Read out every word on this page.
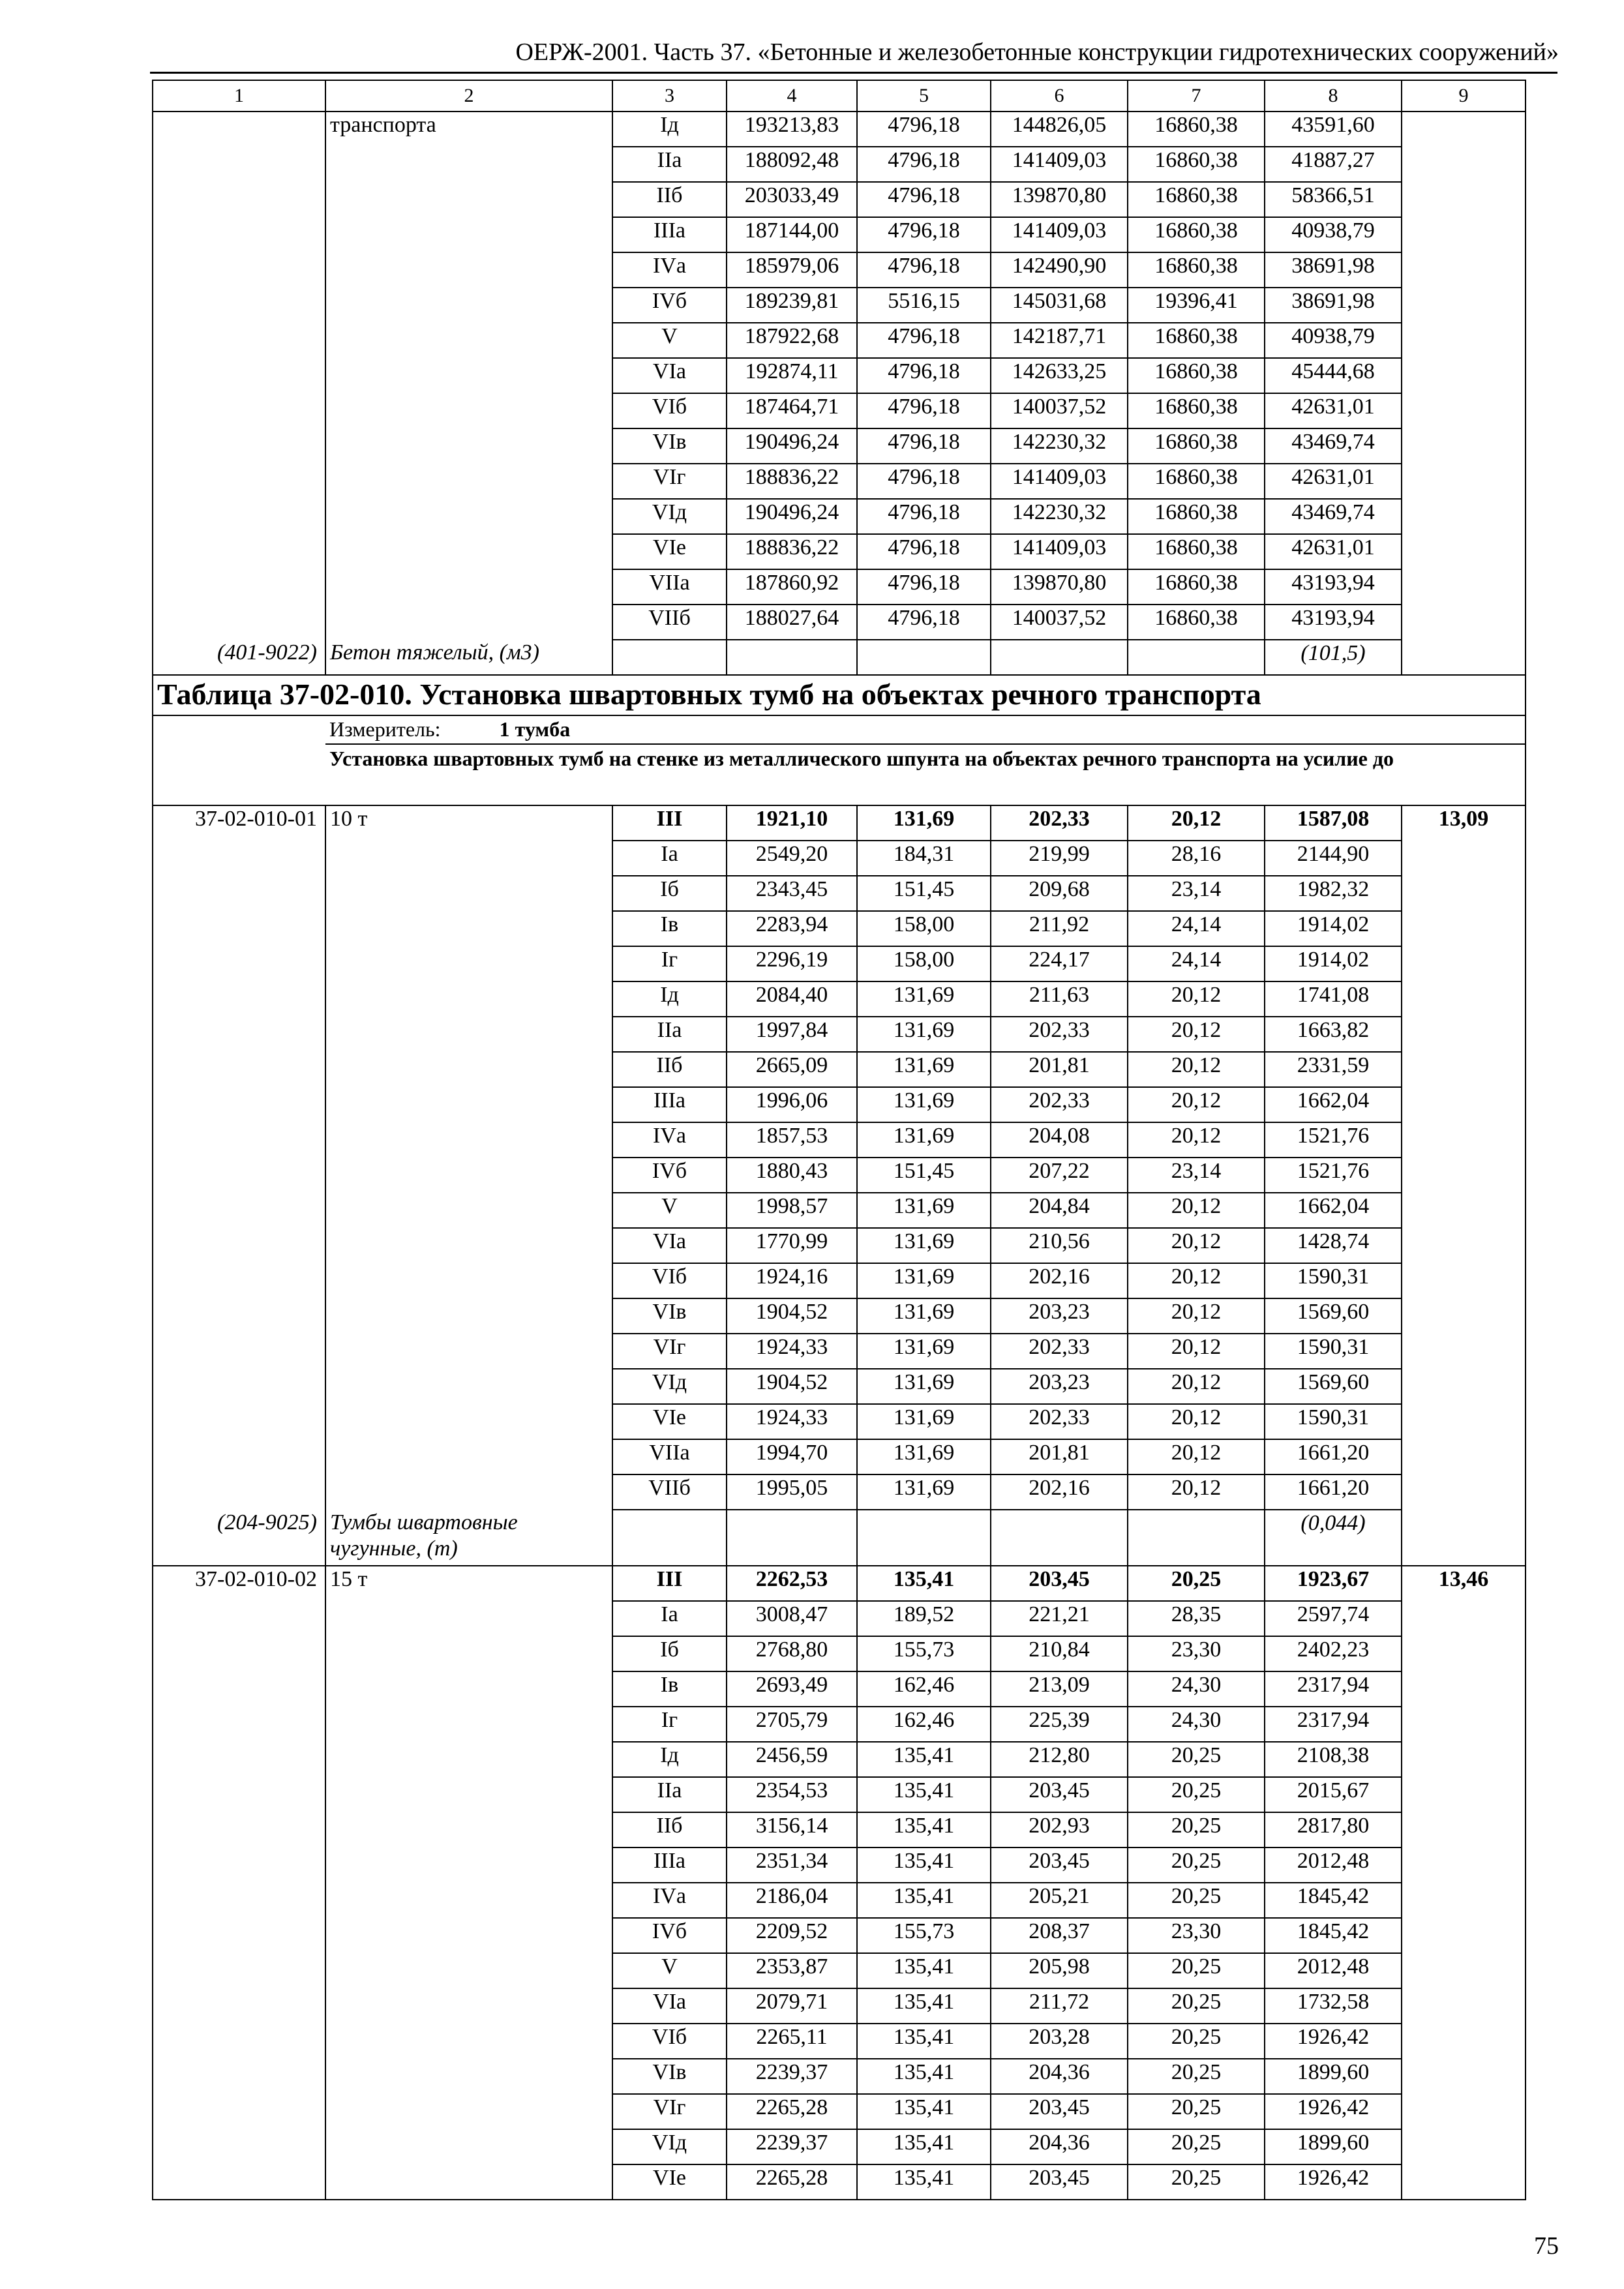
ОЕРЖ-2001. Часть 37. «Бетонные и железобетонные конструкции гидротехнических сооружений»
1	2	3	4	5	6	7	8	9
	транспорта	Iд	193213,83	4796,18	144826,05	16860,38	43591,60	
		IIа	188092,48	4796,18	141409,03	16860,38	41887,27	
		IIб	203033,49	4796,18	139870,80	16860,38	58366,51	
		IIIа	187144,00	4796,18	141409,03	16860,38	40938,79	
		IVа	185979,06	4796,18	142490,90	16860,38	38691,98	
		IVб	189239,81	5516,15	145031,68	19396,41	38691,98	
		V	187922,68	4796,18	142187,71	16860,38	40938,79	
		VIа	192874,11	4796,18	142633,25	16860,38	45444,68	
		VIб	187464,71	4796,18	140037,52	16860,38	42631,01	
		VIв	190496,24	4796,18	142230,32	16860,38	43469,74	
		VIг	188836,22	4796,18	141409,03	16860,38	42631,01	
		VIд	190496,24	4796,18	142230,32	16860,38	43469,74	
		VIе	188836,22	4796,18	141409,03	16860,38	42631,01	
		VIIа	187860,92	4796,18	139870,80	16860,38	43193,94	
		VIIб	188027,64	4796,18	140037,52	16860,38	43193,94	
(401-9022)	Бетон тяжелый, (м3)						(101,5)	
Таблица 37-02-010. Установка швартовных тумб на объектах речного транспорта								
	Измеритель: 1 тумба							
	Установка швартовных тумб на стенке из металлического шпунта на объектах речного транспорта на усилие до							
37-02-010-01	10 т	III	1921,10	131,69	202,33	20,12	1587,08	13,09
		Iа	2549,20	184,31	219,99	28,16	2144,90	
		Iб	2343,45	151,45	209,68	23,14	1982,32	
		Iв	2283,94	158,00	211,92	24,14	1914,02	
		Iг	2296,19	158,00	224,17	24,14	1914,02	
		Iд	2084,40	131,69	211,63	20,12	1741,08	
		IIа	1997,84	131,69	202,33	20,12	1663,82	
		IIб	2665,09	131,69	201,81	20,12	2331,59	
		IIIа	1996,06	131,69	202,33	20,12	1662,04	
		IVа	1857,53	131,69	204,08	20,12	1521,76	
		IVб	1880,43	151,45	207,22	23,14	1521,76	
		V	1998,57	131,69	204,84	20,12	1662,04	
		VIа	1770,99	131,69	210,56	20,12	1428,74	
		VIб	1924,16	131,69	202,16	20,12	1590,31	
		VIв	1904,52	131,69	203,23	20,12	1569,60	
		VIг	1924,33	131,69	202,33	20,12	1590,31	
		VIд	1904,52	131,69	203,23	20,12	1569,60	
		VIе	1924,33	131,69	202,33	20,12	1590,31	
		VIIа	1994,70	131,69	201,81	20,12	1661,20	
		VIIб	1995,05	131,69	202,16	20,12	1661,20	
(204-9025)	Тумбы швартовные чугунные, (т)						(0,044)	
37-02-010-02	15 т	III	2262,53	135,41	203,45	20,25	1923,67	13,46
		Iа	3008,47	189,52	221,21	28,35	2597,74	
		Iб	2768,80	155,73	210,84	23,30	2402,23	
		Iв	2693,49	162,46	213,09	24,30	2317,94	
		Iг	2705,79	162,46	225,39	24,30	2317,94	
		Iд	2456,59	135,41	212,80	20,25	2108,38	
		IIа	2354,53	135,41	203,45	20,25	2015,67	
		IIб	3156,14	135,41	202,93	20,25	2817,80	
		IIIа	2351,34	135,41	203,45	20,25	2012,48	
		IVа	2186,04	135,41	205,21	20,25	1845,42	
		IVб	2209,52	155,73	208,37	23,30	1845,42	
		V	2353,87	135,41	205,98	20,25	2012,48	
		VIа	2079,71	135,41	211,72	20,25	1732,58	
		VIб	2265,11	135,41	203,28	20,25	1926,42	
		VIв	2239,37	135,41	204,36	20,25	1899,60	
		VIг	2265,28	135,41	203,45	20,25	1926,42	
		VIд	2239,37	135,41	204,36	20,25	1899,60	
		VIе	2265,28	135,41	203,45	20,25	1926,42	
75
